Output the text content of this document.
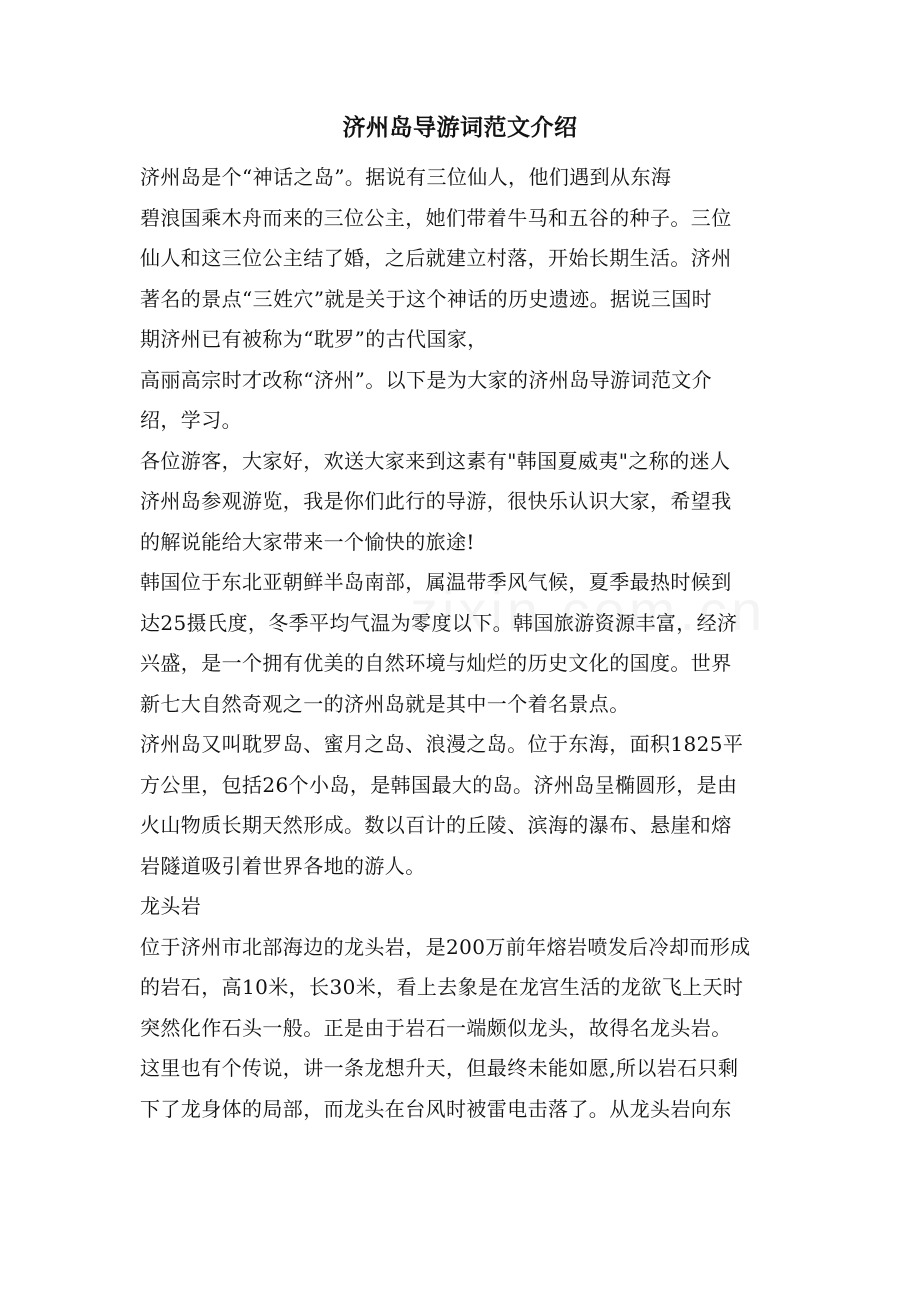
济州岛导游词范文介绍
济州岛是个“神话之岛”。据说有三位仙人，他们遇到从东海
碧浪国乘木舟而来的三位公主，她们带着牛马和五谷的种子。三位
仙人和这三位公主结了婚，之后就建立村落，开始长期生活。济州
著名的景点“三姓穴”就是关于这个神话的历史遗迹。据说三国时
期济州已有被称为“耽罗”的古代国家，
高丽高宗时才改称“济州”。以下是为大家的济州岛导游词范文介
绍，学习。
各位游客，大家好，欢送大家来到这素有"韩国夏威夷"之称的迷人
济州岛参观游览，我是你们此行的导游，很快乐认识大家，希望我
的解说能给大家带来一个愉快的旅途!
韩国位于东北亚朝鲜半岛南部，属温带季风气候，夏季最热时候到
达25摄氏度，冬季平均气温为零度以下。韩国旅游资源丰富，经济
兴盛，是一个拥有优美的自然环境与灿烂的历史文化的国度。世界
新七大自然奇观之一的济州岛就是其中一个着名景点。
济州岛又叫耽罗岛、蜜月之岛、浪漫之岛。位于东海，面积1825平
方公里，包括26个小岛，是韩国最大的岛。济州岛呈椭圆形，是由
火山物质长期天然形成。数以百计的丘陵、滨海的瀑布、悬崖和熔
岩隧道吸引着世界各地的游人。
龙头岩
位于济州市北部海边的龙头岩，是200万前年熔岩喷发后冷却而形成
的岩石，高10米，长30米，看上去象是在龙宫生活的龙欲飞上天时
突然化作石头一般。正是由于岩石一端颇似龙头，故得名龙头岩。
这里也有个传说，讲一条龙想升天，但最终未能如愿,所以岩石只剩
下了龙身体的局部，而龙头在台风时被雷电击落了。从龙头岩向东
